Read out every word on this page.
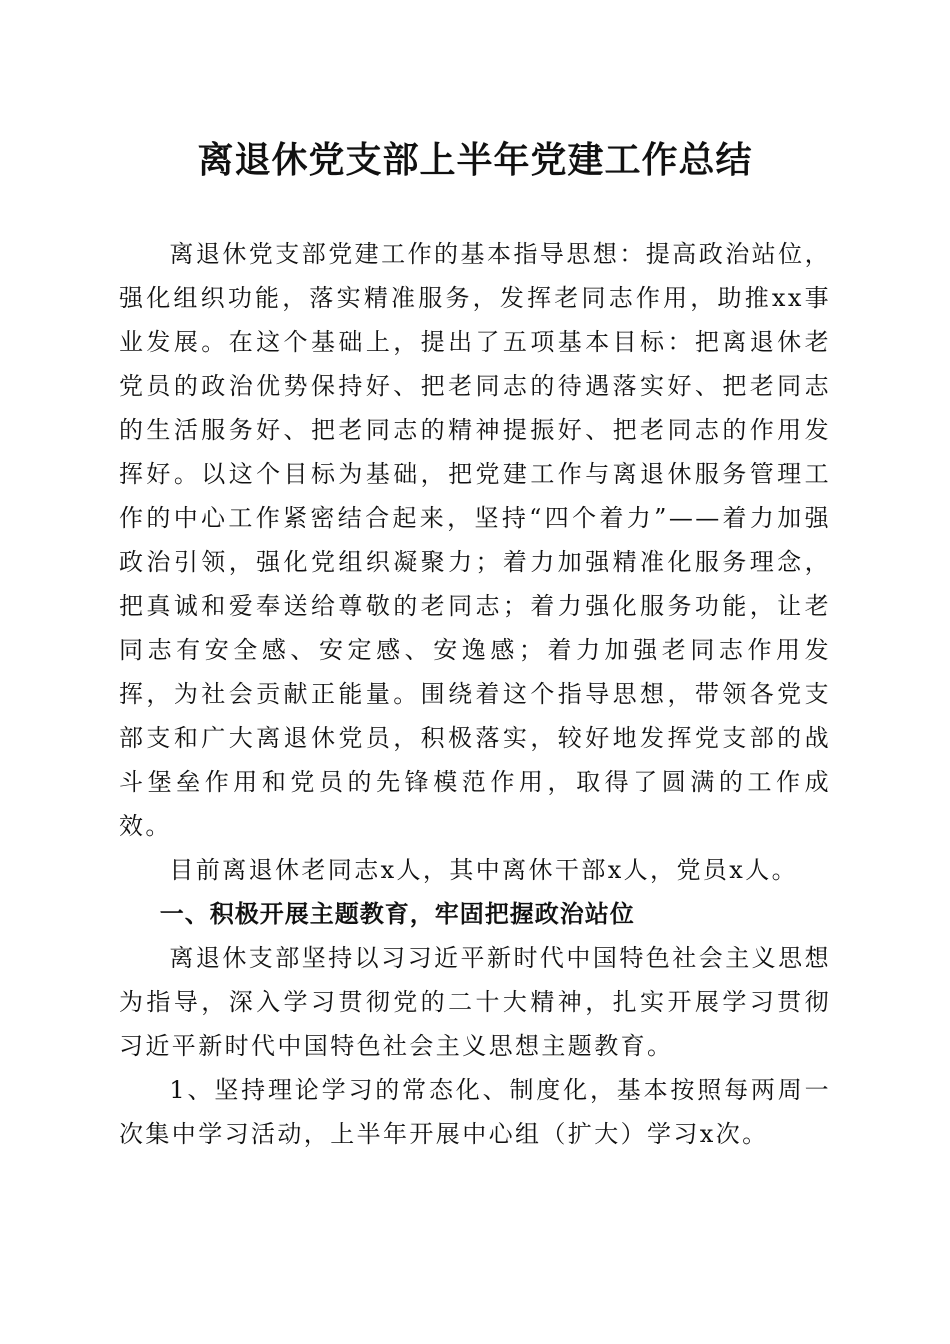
离退休党支部上半年党建工作总结

离退休党支部党建工作的基本指导思想：提高政治站位，强化组织功能，落实精准服务，发挥老同志作用，助推xx事业发展。在这个基础上，提出了五项基本目标：把离退休老党员的政治优势保持好、把老同志的待遇落实好、把老同志的生活服务好、把老同志的精神提振好、把老同志的作用发挥好。以这个目标为基础，把党建工作与离退休服务管理工作的中心工作紧密结合起来，坚持“四个着力”——着力加强政治引领，强化党组织凝聚力；着力加强精准化服务理念，把真诚和爱奉送给尊敬的老同志；着力强化服务功能，让老同志有安全感、安定感、安逸感；着力加强老同志作用发挥，为社会贡献正能量。围绕着这个指导思想，带领各党支部支和广大离退休党员，积极落实，较好地发挥党支部的战斗堡垒作用和党员的先锋模范作用，取得了圆满的工作成效。

目前离退休老同志x人，其中离休干部x人，党员x人。

一、积极开展主题教育，牢固把握政治站位

离退休支部坚持以习习近平新时代中国特色社会主义思想为指导，深入学习贯彻党的二十大精神，扎实开展学习贯彻习近平新时代中国特色社会主义思想主题教育。

1、坚持理论学习的常态化、制度化，基本按照每两周一次集中学习活动，上半年开展中心组（扩大）学习x次。
